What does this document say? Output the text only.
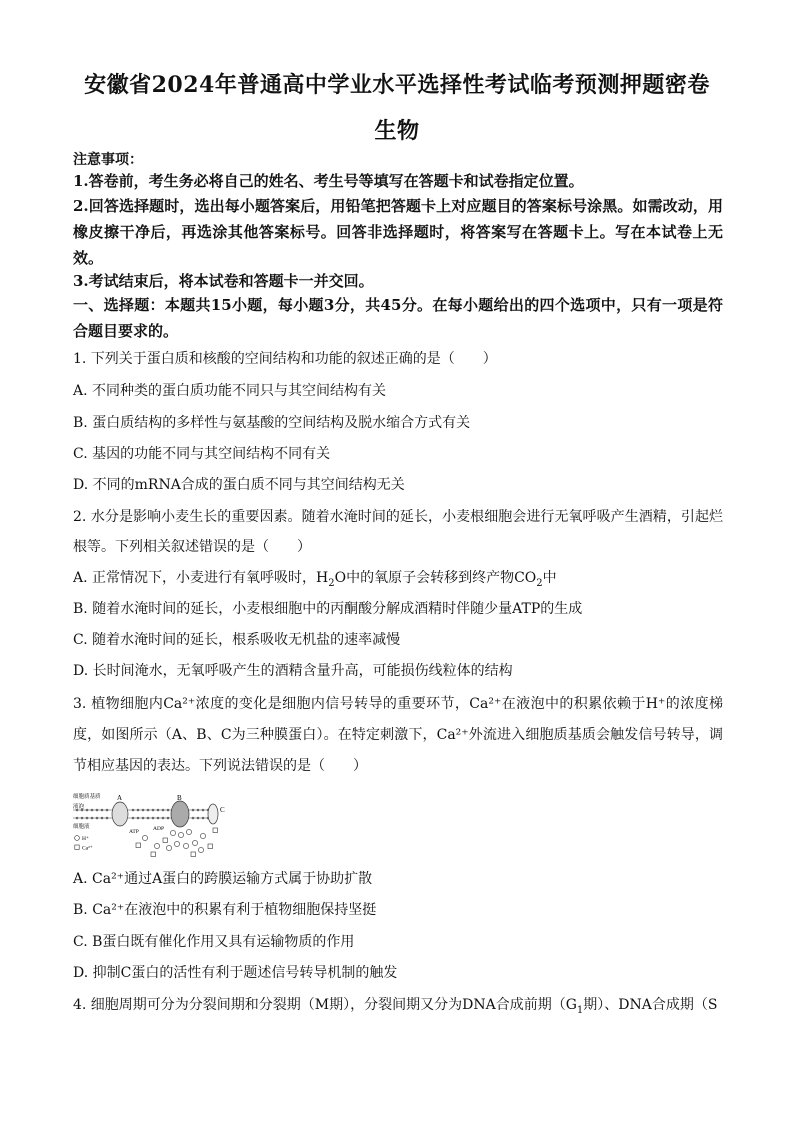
安徽省2024年普通高中学业水平选择性考试临考预测押题密卷
生物
注意事项：
1.答卷前，考生务必将自己的姓名、考生号等填写在答题卡和试卷指定位置。
2.回答选择题时，选出每小题答案后，用铅笔把答题卡上对应题目的答案标号涂黑。如需改动，用橡皮擦干净后，再选涂其他答案标号。回答非选择题时，将答案写在答题卡上。写在本试卷上无效。
3.考试结束后，将本试卷和答题卡一并交回。
一、选择题：本题共15小题，每小题3分，共45分。在每小题给出的四个选项中，只有一项是符合题目要求的。
1. 下列关于蛋白质和核酸的空间结构和功能的叙述正确的是（　　）
A. 不同种类的蛋白质功能不同只与其空间结构有关
B. 蛋白质结构的多样性与氨基酸的空间结构及脱水缩合方式有关
C. 基因的功能不同与其空间结构不同有关
D. 不同的mRNA合成的蛋白质不同与其空间结构无关
2. 水分是影响小麦生长的重要因素。随着水淹时间的延长，小麦根细胞会进行无氧呼吸产生酒精，引起烂根等。下列相关叙述错误的是（　　）
A. 正常情况下，小麦进行有氧呼吸时，$H_2O$中的氧原子会转移到终产物$CO_2$中
B. 随着水淹时间的延长，小麦根细胞中的丙酮酸分解成酒精时伴随少量ATP的生成
C. 随着水淹时间的延长，根系吸收无机盐的速率减慢
D. 长时间淹水，无氧呼吸产生的酒精含量升高，可能损伤线粒体的结构
3. 植物细胞内Ca²⁺浓度的变化是细胞内信号转导的重要环节，Ca²⁺在液泡中的积累依赖于H⁺的浓度梯度，如图所示（A、B、C为三种膜蛋白）。在特定刺激下，Ca²⁺外流进入细胞质基质会触发信号转导，调节相应基因的表达。下列说法错误的是（　　）
A	B
C
细胞质基质
液泡
细胞液
ATP	ADP
H⁺
Ca²⁺
A. Ca²⁺通过A蛋白的跨膜运输方式属于协助扩散
B. Ca²⁺在液泡中的积累有利于植物细胞保持坚挺
C. B蛋白既有催化作用又具有运输物质的作用
D. 抑制C蛋白的活性有利于题述信号转导机制的触发
4. 细胞周期可分为分裂间期和分裂期（M期），分裂间期又分为DNA合成前期（$G_1$期）、DNA合成期（S
